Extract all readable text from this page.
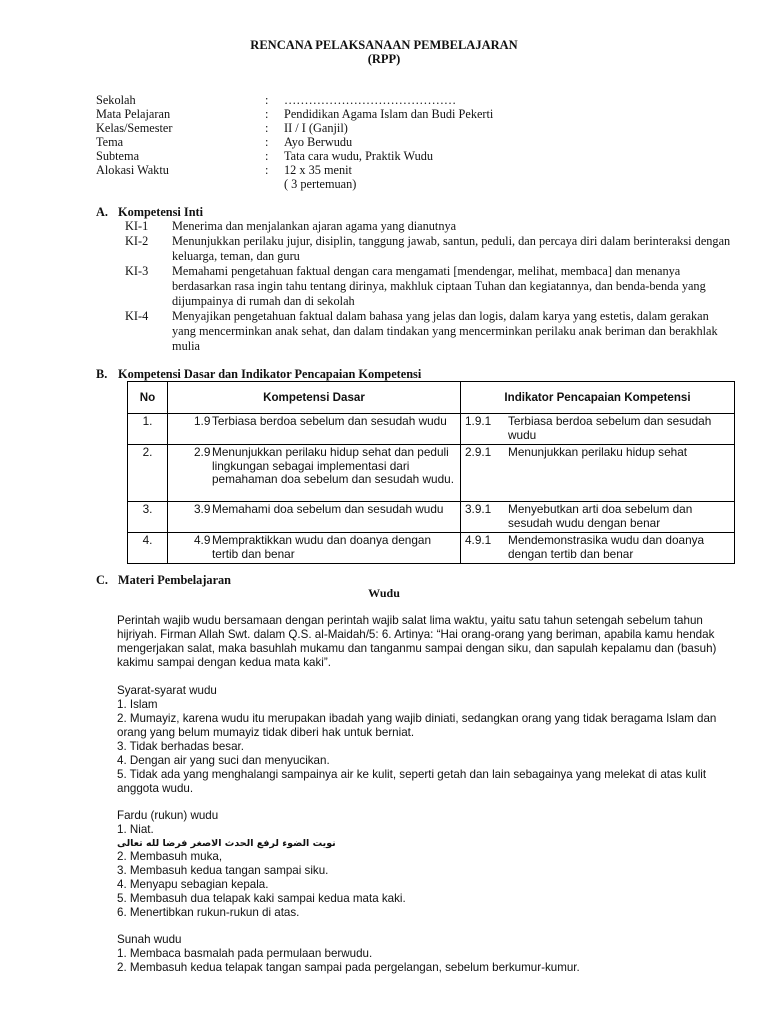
RENCANA PELAKSANAAN PEMBELAJARAN
(RPP)
Sekolah	: ……………………………………
Mata Pelajaran	: Pendidikan Agama Islam dan Budi Pekerti
Kelas/Semester	: II / I (Ganjil)
Tema	: Ayo Berwudu
Subtema	: Tata cara wudu, Praktik Wudu
Alokasi Waktu	: 12 x 35 menit
( 3 pertemuan)
A. Kompetensi Inti
KI-1 Menerima dan menjalankan ajaran agama yang dianutnya
KI-2 Menunjukkan perilaku jujur, disiplin, tanggung jawab, santun, peduli, dan percaya diri dalam berinteraksi dengan keluarga, teman, dan guru
KI-3 Memahami pengetahuan faktual dengan cara mengamati [mendengar, melihat, membaca] dan menanya berdasarkan rasa ingin tahu tentang dirinya, makhluk ciptaan Tuhan dan kegiatannya, dan benda-benda yang dijumpainya di rumah dan di sekolah
KI-4 Menyajikan pengetahuan faktual dalam bahasa yang jelas dan logis, dalam karya yang estetis, dalam gerakan yang mencerminkan anak sehat, dan dalam tindakan yang mencerminkan perilaku anak beriman dan berakhlak mulia
B. Kompetensi Dasar dan Indikator Pencapaian Kompetensi
No	Kompetensi Dasar	Indikator Pencapaian Kompetensi
1.	1.9 Terbiasa berdoa sebelum dan sesudah wudu	1.9.1 Terbiasa berdoa sebelum dan sesudah wudu

2.	2.9 Menunjukkan perilaku hidup sehat dan peduli lingkungan sebagai implementasi dari pemahaman doa sebelum dan sesudah wudu.	2.9.1 Menunjukkan perilaku hidup sehat

3.	3.9 Memahami doa sebelum dan sesudah wudu	3.9.1 Menyebutkan arti doa sebelum dan sesudah wudu dengan benar

4.	4.9 Mempraktikkan wudu dan doanya dengan tertib dan benar	4.9.1 Mendemonstrasika wudu dan doanya dengan tertib dan benar
C. Materi Pembelajaran
Wudu
Perintah wajib wudu bersamaan dengan perintah wajib salat lima waktu, yaitu satu tahun setengah sebelum tahun hijriyah. Firman Allah Swt. dalam Q.S. al-Maidah/5: 6. Artinya: “Hai orang-orang yang beriman, apabila kamu hendak mengerjakan salat, maka basuhlah mukamu dan tanganmu sampai dengan siku, dan sapulah kepalamu dan (basuh) kakimu sampai dengan kedua mata kaki”.
Syarat-syarat wudu
1. Islam
2. Mumayiz, karena wudu itu merupakan ibadah yang wajib diniati, sedangkan orang yang tidak beragama Islam dan orang yang belum mumayiz tidak diberi hak untuk berniat.
3. Tidak berhadas besar.
4. Dengan air yang suci dan menyucikan.
5. Tidak ada yang menghalangi sampainya air ke kulit, seperti getah dan lain sebagainya yang melekat di atas kulit anggota wudu.
Fardu (rukun) wudu
1. Niat.
نويت الضوء لرفع الحدث الاصغر فرضا لله تعالى
2. Membasuh muka,
3. Membasuh kedua tangan sampai siku.
4. Menyapu sebagian kepala.
5. Membasuh dua telapak kaki sampai kedua mata kaki.
6. Menertibkan rukun-rukun di atas.
Sunah wudu
1. Membaca basmalah pada permulaan berwudu.
2. Membasuh kedua telapak tangan sampai pada pergelangan, sebelum berkumur-kumur.
